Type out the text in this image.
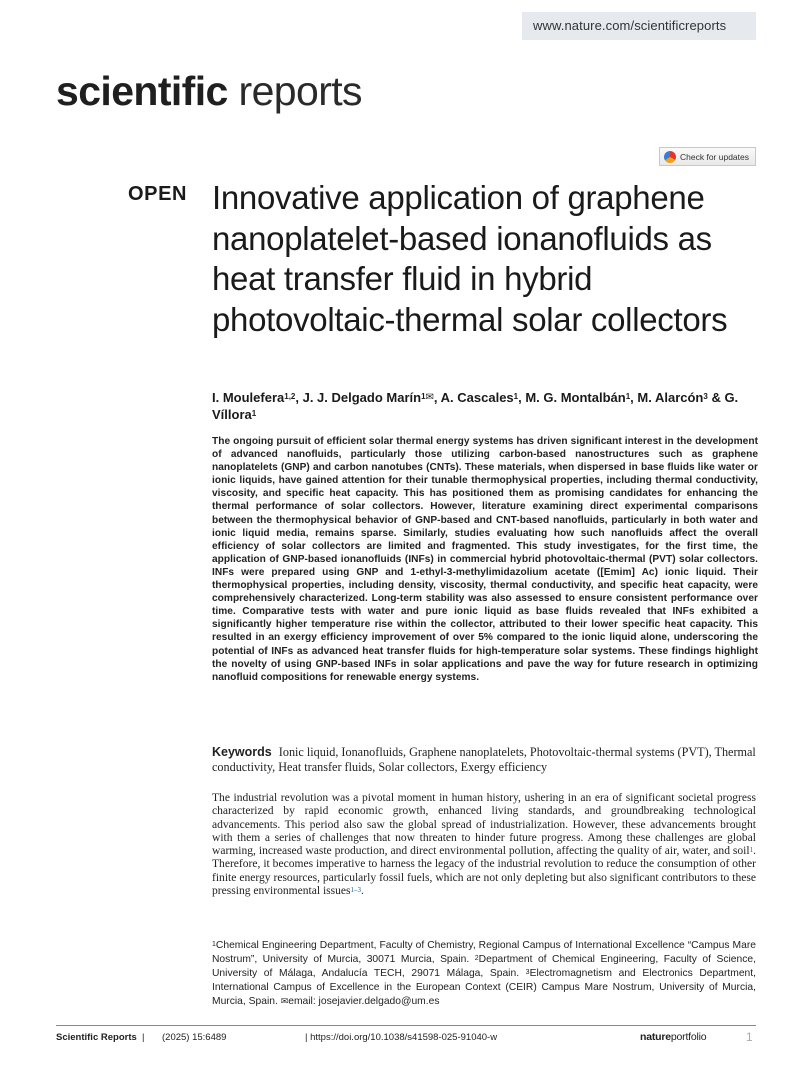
www.nature.com/scientificreports
scientific reports
Check for updates
OPEN Innovative application of graphene nanoplatelet-based ionanofluids as heat transfer fluid in hybrid photovoltaic-thermal solar collectors
I. Moulefera$^{1,2}$, J. J. Delgado Marín$^{1✉}$, A. Cascales$^1$, M. G. Montalbán$^1$, M. Alarcón$^3$ & G. Víllora$^1$

The ongoing pursuit of efficient solar thermal energy systems has driven significant interest in the development of advanced nanofluids, particularly those utilizing carbon-based nanostructures such as graphene nanoplatelets (GNP) and carbon nanotubes (CNTs). These materials, when dispersed in base fluids like water or ionic liquids, have gained attention for their tunable thermophysical properties, including thermal conductivity, viscosity, and specific heat capacity. This has positioned them as promising candidates for enhancing the thermal performance of solar collectors. However, literature examining direct experimental comparisons between the thermophysical behavior of GNP-based and CNT-based nanofluids, particularly in both water and ionic liquid media, remains sparse. Similarly, studies evaluating how such nanofluids affect the overall efficiency of solar collectors are limited and fragmented. This study investigates, for the first time, the application of GNP-based ionanofluids (INFs) in commercial hybrid photovoltaic-thermal (PVT) solar collectors. INFs were prepared using GNP and 1-ethyl-3-methylimidazolium acetate ([Emim] Ac) ionic liquid. Their thermophysical properties, including density, viscosity, thermal conductivity, and specific heat capacity, were comprehensively characterized. Long-term stability was also assessed to ensure consistent performance over time. Comparative tests with water and pure ionic liquid as base fluids revealed that INFs exhibited a significantly higher temperature rise within the collector, attributed to their lower specific heat capacity. This resulted in an exergy efficiency improvement of over 5% compared to the ionic liquid alone, underscoring the potential of INFs as advanced heat transfer fluids for high-temperature solar systems. These findings highlight the novelty of using GNP-based INFs in solar applications and pave the way for future research in optimizing nanofluid compositions for renewable energy systems.

Keywords Ionic liquid, Ionanofluids, Graphene nanoplatelets, Photovoltaic-thermal systems (PVT), Thermal conductivity, Heat transfer fluids, Solar collectors, Exergy efficiency

The industrial revolution was a pivotal moment in human history, ushering in an era of significant societal progress characterized by rapid economic growth, enhanced living standards, and groundbreaking technological advancements. This period also saw the global spread of industrialization. However, these advancements brought with them a series of challenges that now threaten to hinder future progress. Among these challenges are global warming, increased waste production, and direct environmental pollution, affecting the quality of air, water, and soil$^1$. Therefore, it becomes imperative to harness the legacy of the industrial revolution to reduce the consumption of other finite energy resources, particularly fossil fuels, which are not only depleting but also significant contributors to these pressing environmental issues$^{1-3}$.

$^1$Chemical Engineering Department, Faculty of Chemistry, Regional Campus of International Excellence “Campus Mare Nostrum”, University of Murcia, 30071 Murcia, Spain. $^2$Department of Chemical Engineering, Faculty of Science, University of Málaga, Andalucía TECH, 29071 Málaga, Spain. $^3$Electromagnetism and Electronics Department, International Campus of Excellence in the European Context (CEIR) Campus Mare Nostrum, University of Murcia, Murcia, Spain. ✉email: josejavier.delgado@um.es

Scientific Reports | (2025) 15:6489	| https://doi.org/10.1038/s41598-025-91040-w	natureportfolio	1
